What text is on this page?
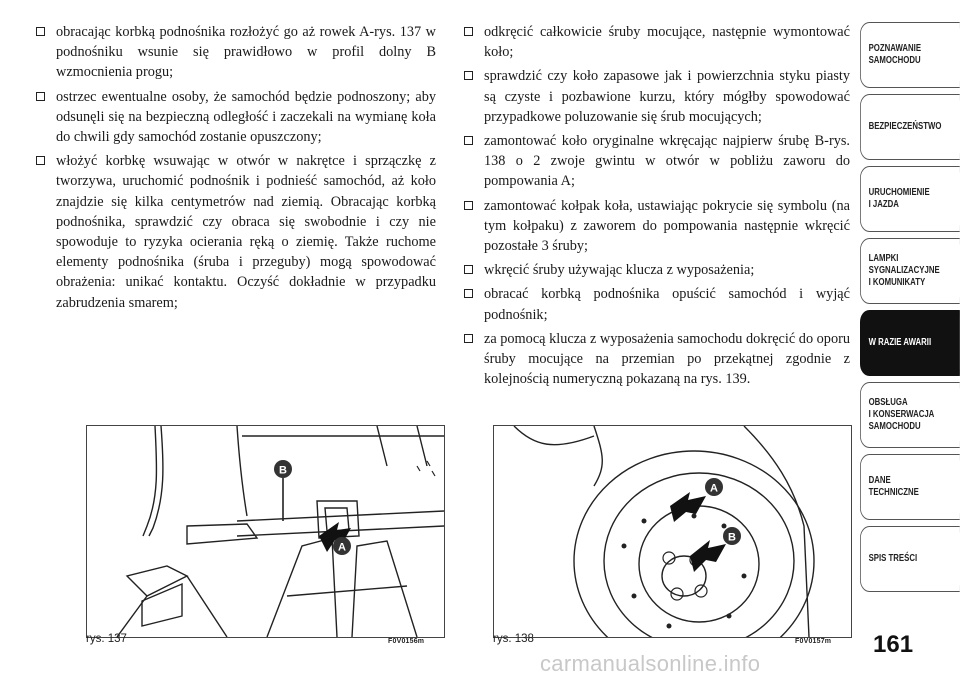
obracając korbką podnośnika rozłożyć go aż rowek A-rys. 137 w podnośniku wsunie się prawidłowo w profil dolny B wzmocnienia progu;
ostrzec ewentualne osoby, że samochód będzie podnoszony; aby odsunęli się na bezpieczną odległość i zaczekali na wymianę koła do chwili gdy samochód zostanie opuszczony;
włożyć korbkę wsuwając w otwór w nakrętce i sprzączkę z tworzywa, uruchomić podnośnik i podnieść samochód, aż koło znajdzie się kilka centymetrów nad ziemią. Obracając korbką podnośnika, sprawdzić czy obraca się swobodnie i czy nie spowoduje to ryzyka ocierania ręką o ziemię. Także ruchome elementy podnośnika (śruba i przeguby) mogą spowodować obrażenia: unikać kontaktu. Oczyść dokładnie w przypadku zabrudzenia smarem;
odkręcić całkowicie śruby mocujące, następnie wymontować koło;
sprawdzić czy koło zapasowe jak i powierzchnia styku piasty są czyste i pozbawione kurzu, który mógłby spowodować przypadkowe poluzowanie się śrub mocujących;
zamontować koło oryginalne wkręcając najpierw śrubę B-rys. 138 o 2 zwoje gwintu w otwór w pobliżu zaworu do pompowania A;
zamontować kołpak koła, ustawiając pokrycie się symbolu (na tym kołpaku) z zaworem do pompowania następnie wkręcić pozostałe 3 śruby;
wkręcić śruby używając klucza z wyposażenia;
obracać korbką podnośnika opuścić samochód i wyjąć podnośnik;
za pomocą klucza z wyposażenia samochodu dokręcić do oporu śruby mocujące na przemian po przekątnej zgodnie z kolejnością numeryczną pokazaną na rys. 139.
B
A
rys. 137	F0V0156m
A
B
rys. 138	F0V0157m
POZNAWANIE
SAMOCHODU
BEZPIECZEŃSTWO
URUCHOMIENIE
I JAZDA
LAMPKI
SYGNALIZACYJNE
I KOMUNIKATY
W RAZIE AWARII
OBSŁUGA
I KONSERWACJA
SAMOCHODU
DANE
TECHNICZNE
SPIS TREŚCI
161
carmanualsonline.info
